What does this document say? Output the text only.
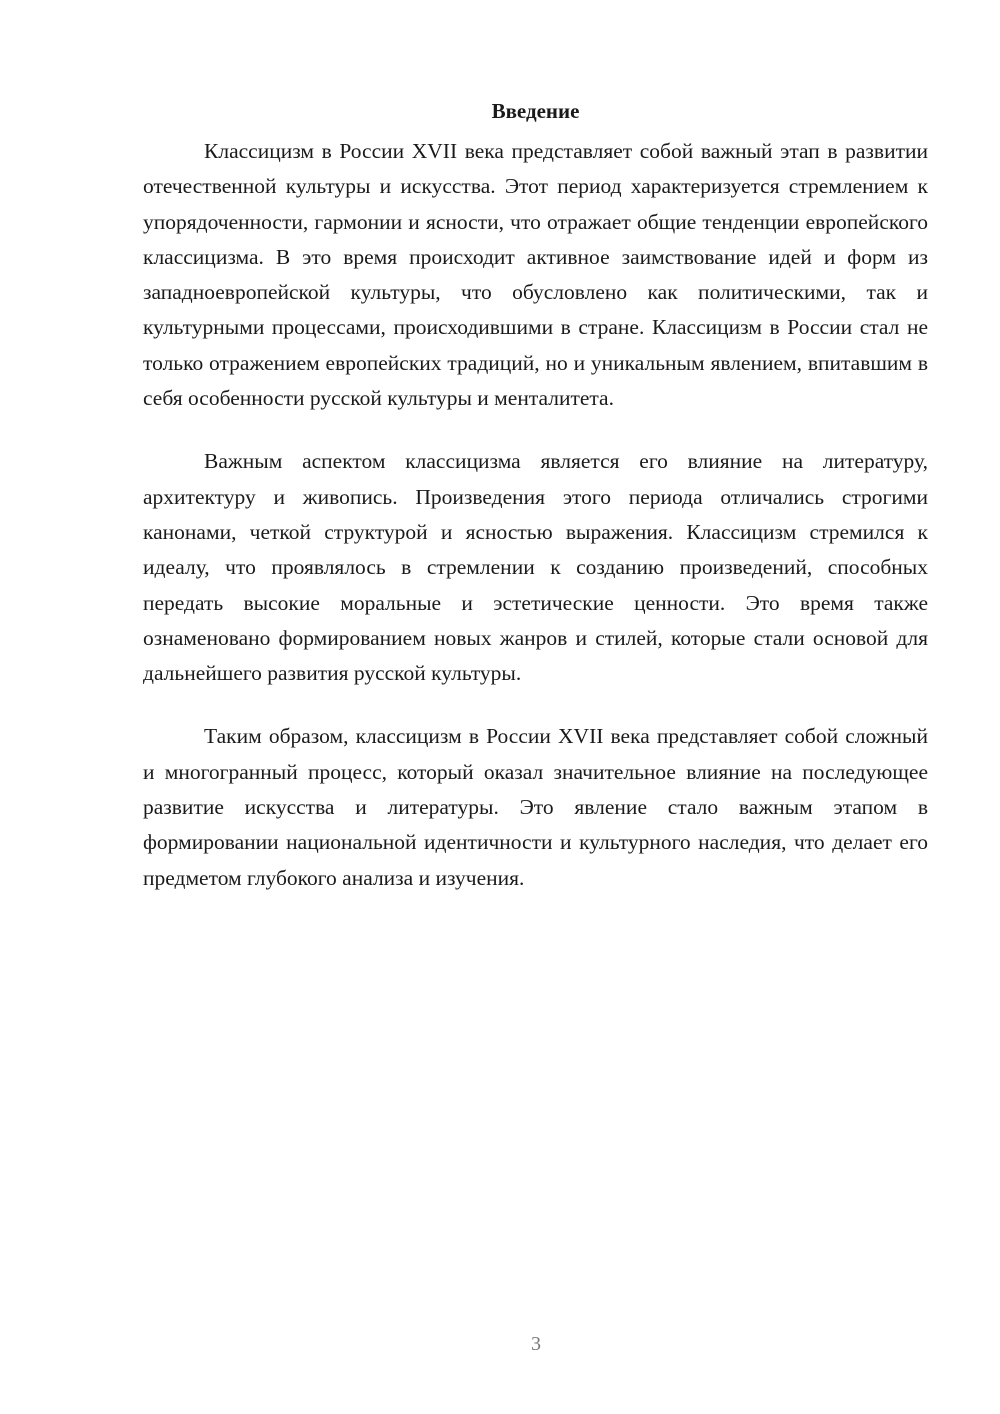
Введение

Классицизм в России XVII века представляет собой важный этап в развитии отечественной культуры и искусства. Этот период характеризуется стремлением к упорядоченности, гармонии и ясности, что отражает общие тенденции европейского классицизма. В это время происходит активное заимствование идей и форм из западноевропейской культуры, что обусловлено как политическими, так и культурными процессами, происходившими в стране. Классицизм в России стал не только отражением европейских традиций, но и уникальным явлением, впитавшим в себя особенности русской культуры и менталитета.

Важным аспектом классицизма является его влияние на литературу, архитектуру и живопись. Произведения этого периода отличались строгими канонами, четкой структурой и ясностью выражения. Классицизм стремился к идеалу, что проявлялось в стремлении к созданию произведений, способных передать высокие моральные и эстетические ценности. Это время также ознаменовано формированием новых жанров и стилей, которые стали основой для дальнейшего развития русской культуры.

Таким образом, классицизм в России XVII века представляет собой сложный и многогранный процесс, который оказал значительное влияние на последующее развитие искусства и литературы. Это явление стало важным этапом в формировании национальной идентичности и культурного наследия, что делает его предметом глубокого анализа и изучения.

3
